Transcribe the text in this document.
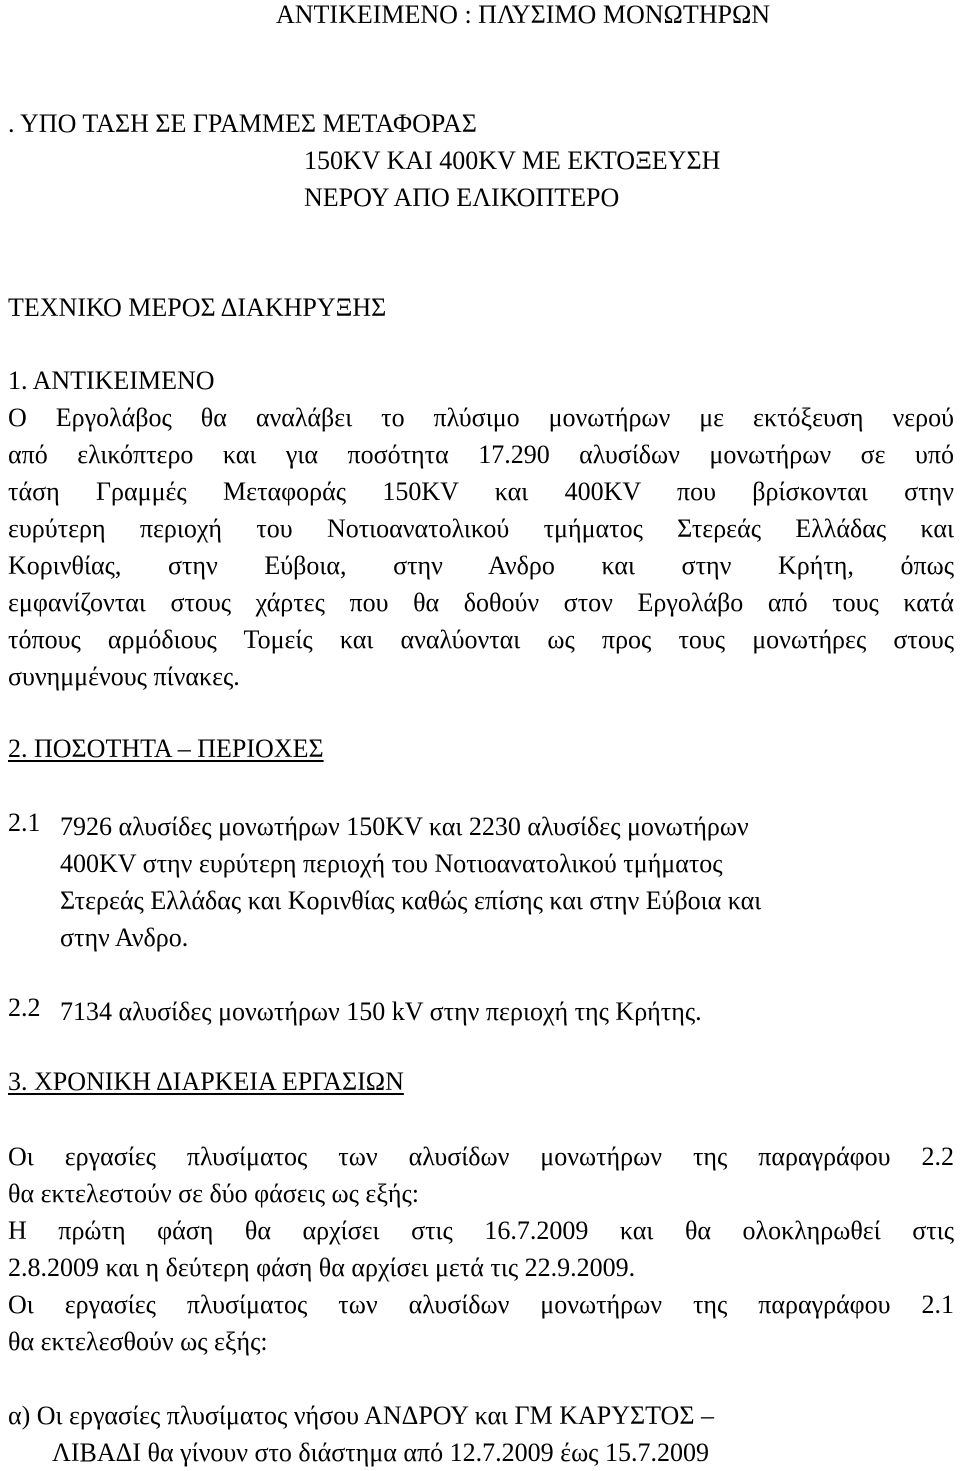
ΑΝΤΙΚΕΙΜΕΝΟ : ΠΛΥΣΙΜΟ ΜΟΝΩΤΗΡΩΝ
. ΥΠΟ ΤΑΣΗ ΣΕ ΓΡΑΜΜΕΣ ΜΕΤΑΦΟΡΑΣ
150KV ΚΑΙ 400KV ΜΕ ΕΚΤΟΞΕΥΣΗ
ΝΕΡΟΥ ΑΠΟ ΕΛΙΚΟΠΤΕΡΟ
ΤΕΧΝΙΚΟ ΜΕΡΟΣ ΔΙΑΚΗΡΥΞΗΣ
1. ΑΝΤΙΚΕΙΜΕΝΟ
Ο Εργολάβος θα αναλάβει το πλύσιμο μονωτήρων με εκτόξευση νερού
από ελικόπτερο και για ποσότητα 17.290 αλυσίδων μονωτήρων σε υπό
τάση Γραμμές Μεταφοράς 150KV και 400KV που βρίσκονται στην
ευρύτερη περιοχή του Νοτιοανατολικού τμήματος Στερεάς Ελλάδας και
Κορινθίας, στην Εύβοια, στην Ανδρο και στην Κρήτη, όπως
εμφανίζονται στους χάρτες που θα δοθούν στον Εργολάβο από τους κατά
τόπους αρμόδιους Τομείς και αναλύονται ως προς τους μονωτήρες στους
συνημμένους πίνακες.
2. ΠΟΣΟΤΗΤΑ – ΠΕΡΙΟΧΕΣ
2.1 7926 αλυσίδες μονωτήρων 150KV και 2230 αλυσίδες μονωτήρων
400KV στην ευρύτερη περιοχή του Νοτιοανατολικού τμήματος
Στερεάς Ελλάδας και Κορινθίας καθώς επίσης και στην Εύβοια και
στην Ανδρο.
2.2 7134 αλυσίδες μονωτήρων 150 kV στην περιοχή της Κρήτης.
3. ΧΡΟΝΙΚΗ ΔΙΑΡΚΕΙΑ ΕΡΓΑΣΙΩΝ
Οι εργασίες πλυσίματος των αλυσίδων μονωτήρων της παραγράφου 2.2
θα εκτελεστούν σε δύο φάσεις ως εξής:
Η πρώτη φάση θα αρχίσει στις 16.7.2009 και θα ολοκληρωθεί στις
2.8.2009 και η δεύτερη φάση θα αρχίσει μετά τις 22.9.2009.
Οι εργασίες πλυσίματος των αλυσίδων μονωτήρων της παραγράφου 2.1
θα εκτελεσθούν ως εξής:
α) Οι εργασίες πλυσίματος νήσου ΑΝΔΡΟΥ και ΓΜ ΚΑΡΥΣΤΟΣ –
ΛΙΒΑΔΙ θα γίνουν στο διάστημα από 12.7.2009 έως 15.7.2009
